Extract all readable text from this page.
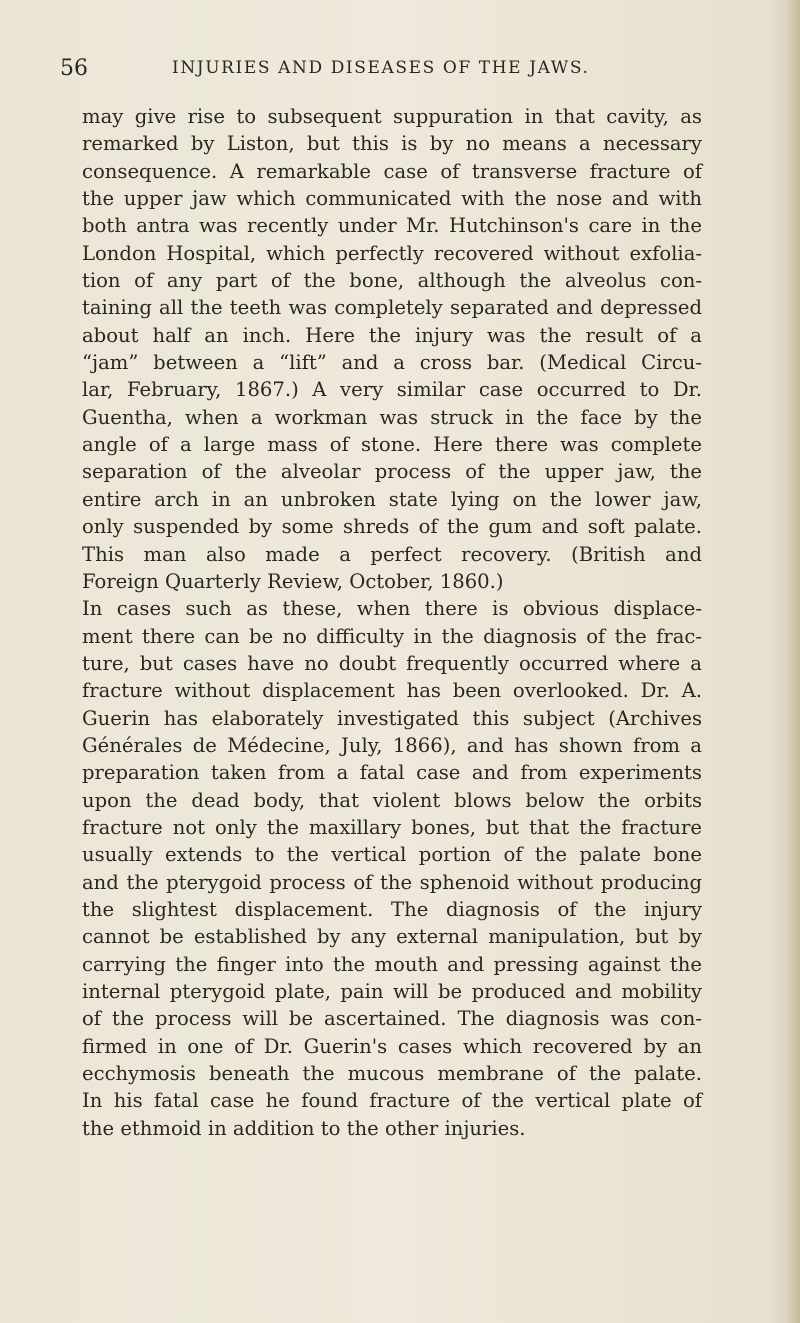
56	INJURIES AND DISEASES OF THE JAWS.
may give rise to subsequent suppuration in that cavity, as
remarked by Liston, but this is by no means a necessary
consequence. A remarkable case of transverse fracture of
the upper jaw which communicated with the nose and with
both antra was recently under Mr. Hutchinson's care in the
London Hospital, which perfectly recovered without exfolia-
tion of any part of the bone, although the alveolus con-
taining all the teeth was completely separated and depressed
about half an inch. Here the injury was the result of a
“jam” between a “lift” and a cross bar. (Medical Circu-
lar, February, 1867.) A very similar case occurred to Dr.
Guentha, when a workman was struck in the face by the
angle of a large mass of stone. Here there was complete
separation of the alveolar process of the upper jaw, the
entire arch in an unbroken state lying on the lower jaw,
only suspended by some shreds of the gum and soft palate.
This man also made a perfect recovery. (British and
Foreign Quarterly Review, October, 1860.)
In cases such as these, when there is obvious displace-
ment there can be no difficulty in the diagnosis of the frac-
ture, but cases have no doubt frequently occurred where a
fracture without displacement has been overlooked. Dr. A.
Guerin has elaborately investigated this subject (Archives
Générales de Médecine, July, 1866), and has shown from a
preparation taken from a fatal case and from experiments
upon the dead body, that violent blows below the orbits
fracture not only the maxillary bones, but that the fracture
usually extends to the vertical portion of the palate bone
and the pterygoid process of the sphenoid without producing
the slightest displacement. The diagnosis of the injury
cannot be established by any external manipulation, but by
carrying the finger into the mouth and pressing against the
internal pterygoid plate, pain will be produced and mobility
of the process will be ascertained. The diagnosis was con-
firmed in one of Dr. Guerin's cases which recovered by an
ecchymosis beneath the mucous membrane of the palate.
In his fatal case he found fracture of the vertical plate of
the ethmoid in addition to the other injuries.
